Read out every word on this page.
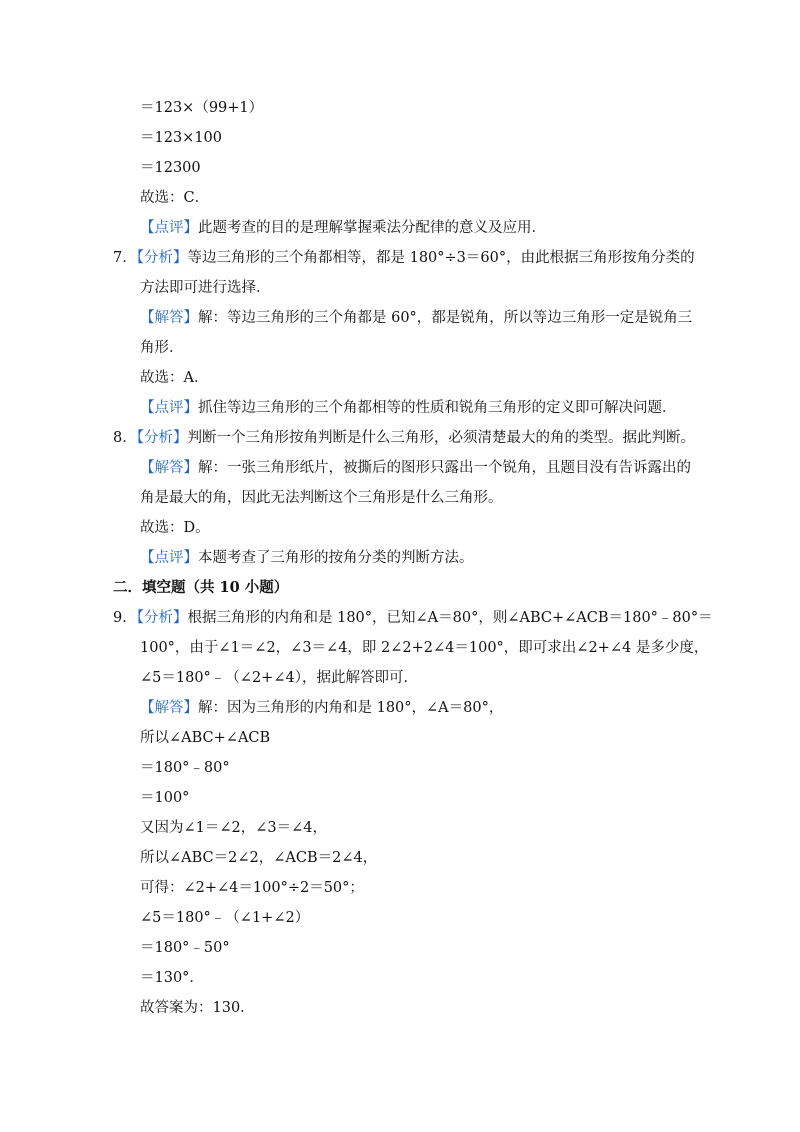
＝123×（99+1）
＝123×100
＝12300
故选：C．
【点评】此题考查的目的是理解掌握乘法分配律的意义及应用．
7．【分析】等边三角形的三个角都相等，都是 180°÷3＝60°，由此根据三角形按角分类的
方法即可进行选择．
【解答】解：等边三角形的三个角都是 60°，都是锐角，所以等边三角形一定是锐角三
角形．
故选：A．
【点评】抓住等边三角形的三个角都相等的性质和锐角三角形的定义即可解决问题．
8．【分析】判断一个三角形按角判断是什么三角形，必须清楚最大的角的类型。据此判断。
【解答】解：一张三角形纸片，被撕后的图形只露出一个锐角，且题目没有告诉露出的
角是最大的角，因此无法判断这个三角形是什么三角形。
故选：D。
【点评】本题考查了三角形的按角分类的判断方法。
二．填空题（共 10 小题）
9．【分析】根据三角形的内角和是 180°，已知∠A＝80°，则∠ABC+∠ACB＝180°﹣80°＝
100°，由于∠1＝∠2，∠3＝∠4，即 2∠2+2∠4＝100°，即可求出∠2+∠4 是多少度，
∠5＝180°﹣（∠2+∠4），据此解答即可．
【解答】解：因为三角形的内角和是 180°，∠A＝80°，
所以∠ABC+∠ACB
＝180°﹣80°
＝100°
又因为∠1＝∠2，∠3＝∠4，
所以∠ABC＝2∠2，∠ACB＝2∠4，
可得：∠2+∠4＝100°÷2＝50°；
∠5＝180°﹣（∠1+∠2）
＝180°﹣50°
＝130°．
故答案为：130．
